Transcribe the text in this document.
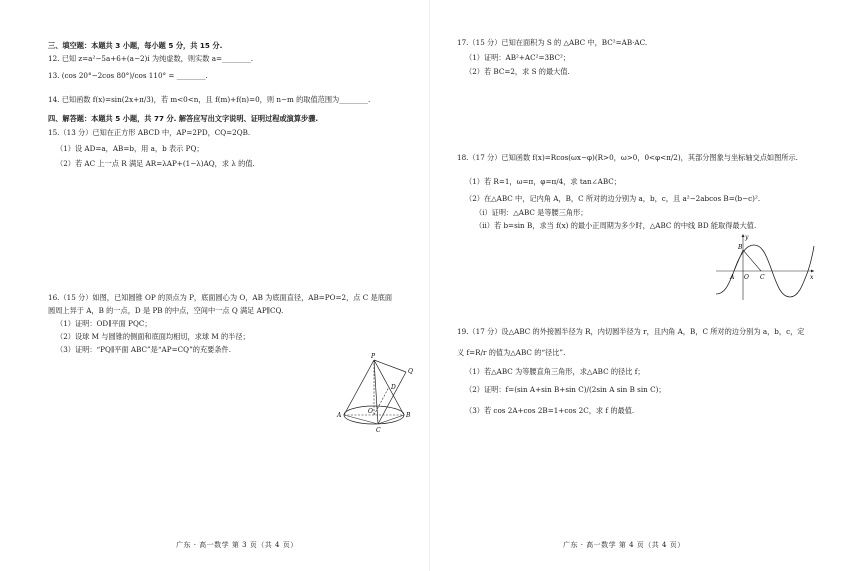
三、填空题：本题共 3 小题，每小题 5 分，共 15 分.
12. 已知 z=a²−5a+6+(a−2)i 为纯虚数，则实数 a=________.
13. (cos 20°−2cos 80°)/cos 110° = ________.
14. 已知函数 f(x)=sin(2x+π/3)，若 m<0<n，且 f(m)+f(n)=0，则 n−m 的取值范围为________.
四、解答题：本题共 5 小题，共 77 分. 解答应写出文字说明、证明过程或演算步骤.
15.（13 分）已知在正方形 ABCD 中，AP=2PD，CQ=2QB.
（1）设 AD=a，AB=b，用 a，b 表示 PQ；
（2）若 AC 上一点 R 满足 AR=λAP+(1−λ)AQ，求 λ 的值.
16.（15 分）如图，已知圆锥 OP 的顶点为 P，底面圆心为 O，AB 为底面直径，AB=PO=2，点 C 是底面
圆周上异于 A，B 的一点，D 是 PB 的中点，空间中一点 Q 满足 AP∥CQ.
（1）证明：OD∥平面 PQC；
（2）设球 M 与圆锥的侧面和底面均相切，求球 M 的半径；
（3）证明：“PQ∥平面 ABC”是“AP=CQ”的充要条件.
P
Q
A	B
C
O
D
广东 · 高一数学 第 3 页（共 4 页）
17.（15 分）已知在面积为 S 的 △ABC 中，BC²=AB·AC.
（1）证明：AB²+AC²=3BC²；
（2）若 BC=2，求 S 的最大值.
18.（17 分）已知函数 f(x)=Rcos(ωx−φ)(R>0，ω>0，0<φ<π/2)，其部分图象与坐标轴交点如图所示.
（1）若 R=1，ω=π，φ=π/4，求 tan∠ABC；
（2）在△ABC 中，记内角 A，B，C 所对的边分别为 a，b，c，且 a²−2abcos B=(b−c)².
（i）证明：△ABC 是等腰三角形；
（ii）若 b=sin B，求当 f(x) 的最小正周期为多少时，△ABC 的中线 BD 能取得最大值.
A
B
C
O
y
x
19.（17 分）设△ABC 的外接圆半径为 R，内切圆半径为 r，且内角 A，B，C 所对的边分别为 a，b，c，定
义 f=R/r 的值为△ABC 的“径比”.
（1）若△ABC 为等腰直角三角形，求△ABC 的径比 f；
（2）证明：f=(sin A+sin B+sin C)/(2sin A sin B sin C)；
（3）若 cos 2A+cos 2B=1+cos 2C，求 f 的最值.
广东 · 高一数学 第 4 页（共 4 页）
